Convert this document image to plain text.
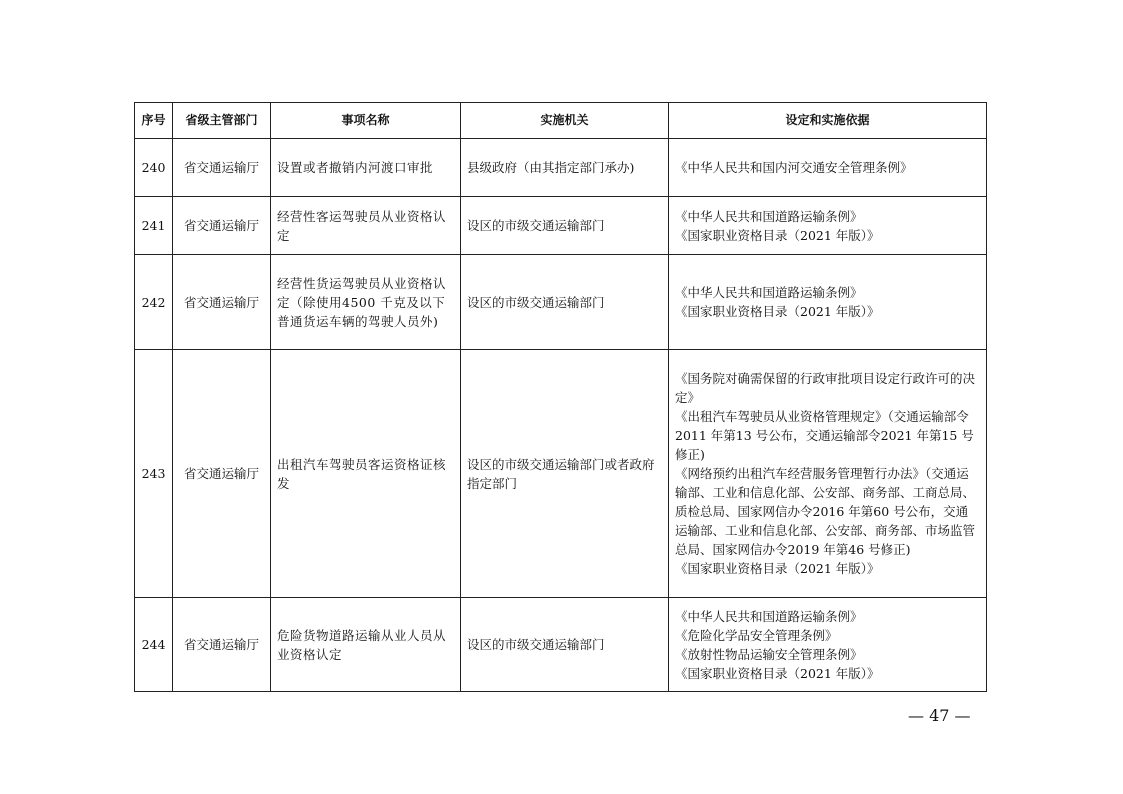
序号	省级主管部门	事项名称	实施机关	设定和实施依据
240	省交通运输厅	设置或者撤销内河渡口审批	县级政府（由其指定部门承办)	《中华人民共和国内河交通安全管理条例》

241	省交通运输厅	经营性客运驾驶员从业资格认定	设区的市级交通运输部门	《中华人民共和国道路运输条例》
《国家职业资格目录（2021 年版）》

242	省交通运输厅	经营性货运驾驶员从业资格认定（除使用4500 千克及以下普通货运车辆的驾驶人员外)	设区的市级交通运输部门	《中华人民共和国道路运输条例》
《国家职业资格目录（2021 年版）》

243	省交通运输厅	出租汽车驾驶员客运资格证核发	设区的市级交通运输部门或者政府指定部门	《国务院对确需保留的行政审批项目设定行政许可的决定》
《出租汽车驾驶员从业资格管理规定》（交通运输部令2011 年第13 号公布，交通运输部令2021 年第15 号修正)
《网络预约出租汽车经营服务管理暂行办法》（交通运输部、工业和信息化部、公安部、商务部、工商总局、质检总局、国家网信办令2016 年第60 号公布，交通运输部、工业和信息化部、公安部、商务部、市场监管总局、国家网信办令2019 年第46 号修正)
《国家职业资格目录（2021 年版）》

244	省交通运输厅	危险货物道路运输从业人员从业资格认定	设区的市级交通运输部门	《中华人民共和国道路运输条例》
《危险化学品安全管理条例》
《放射性物品运输安全管理条例》
《国家职业资格目录（2021 年版）》
— 47 —
